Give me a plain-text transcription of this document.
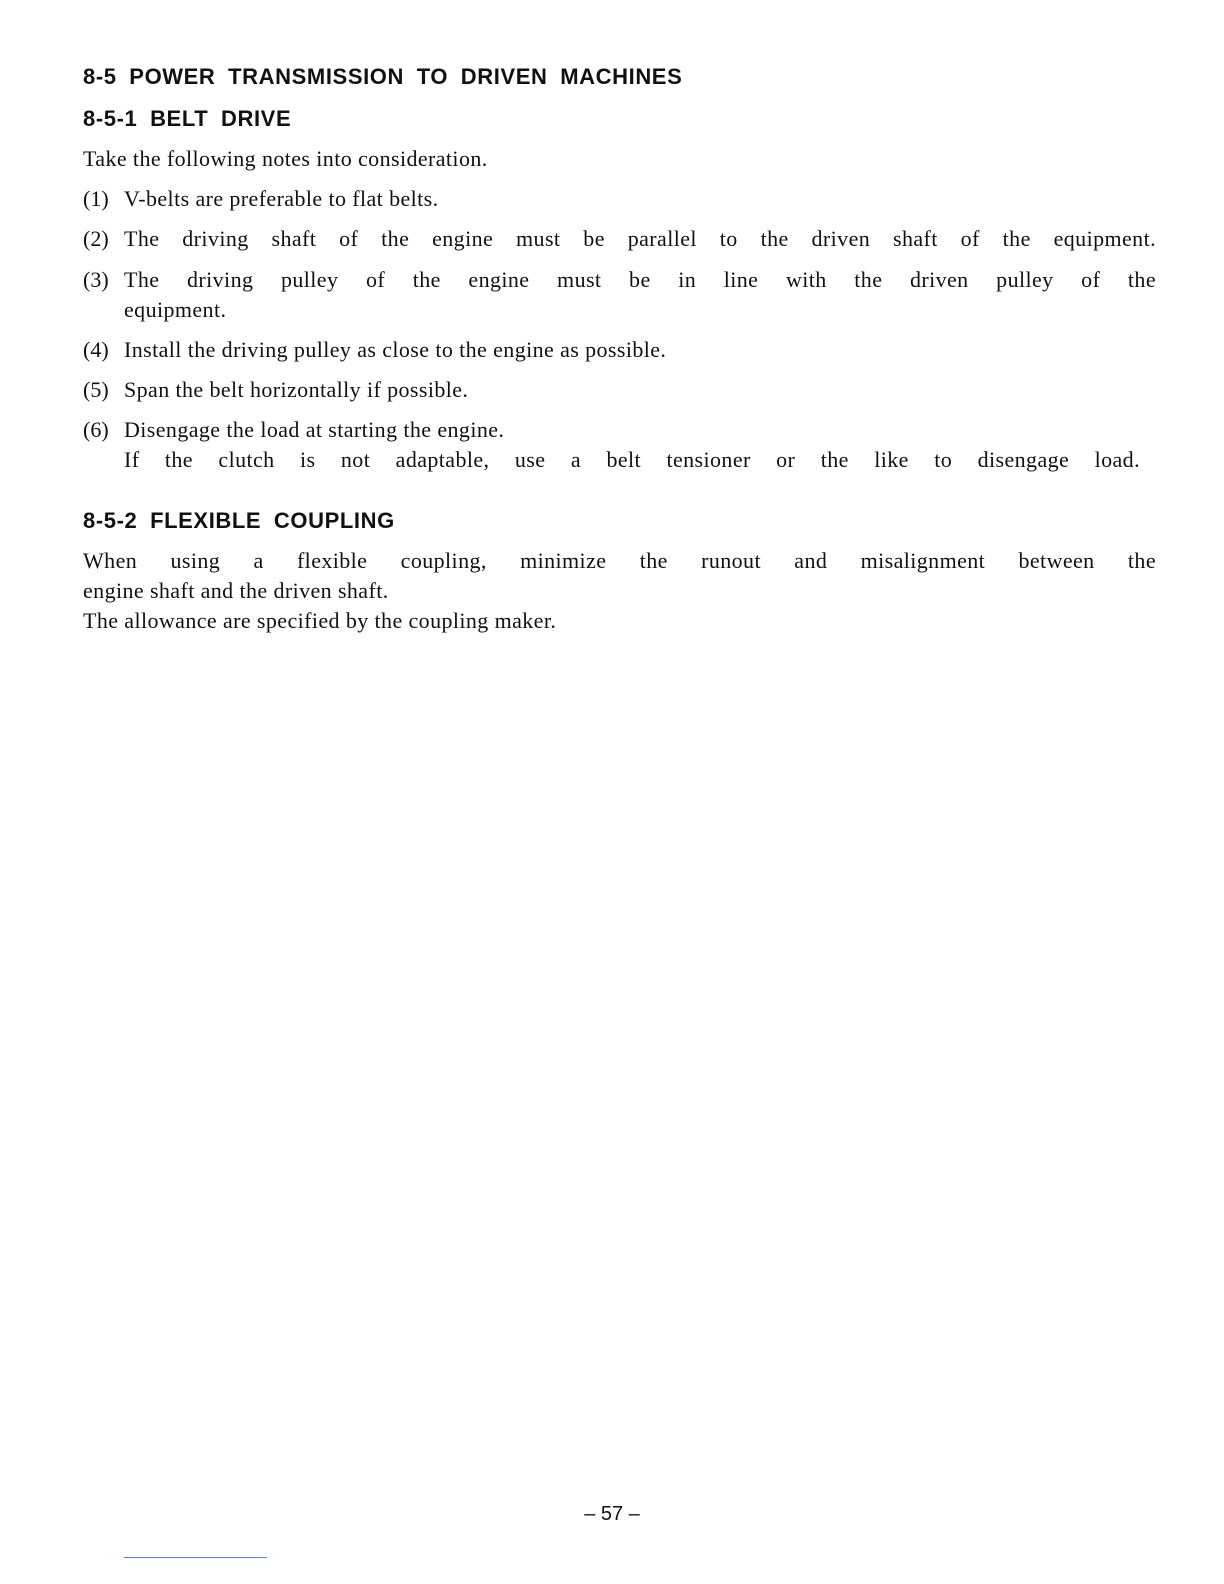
8-5 POWER TRANSMISSION TO DRIVEN MACHINES
8-5-1 BELT DRIVE
Take the following notes into consideration.
(1) V-belts are preferable to flat belts.
(2) The driving shaft of the engine must be parallel to the driven shaft of the equipment.
(3) The driving pulley of the engine must be in line with the driven pulley of the
equipment.
(4) Install the driving pulley as close to the engine as possible.
(5) Span the belt horizontally if possible.
(6) Disengage the load at starting the engine.
If the clutch is not adaptable, use a belt tensioner or the like to disengage load.
8-5-2 FLEXIBLE COUPLING
When using a flexible coupling, minimize the runout and misalignment between the
engine shaft and the driven shaft.
The allowance are specified by the coupling maker.
– 57 –
